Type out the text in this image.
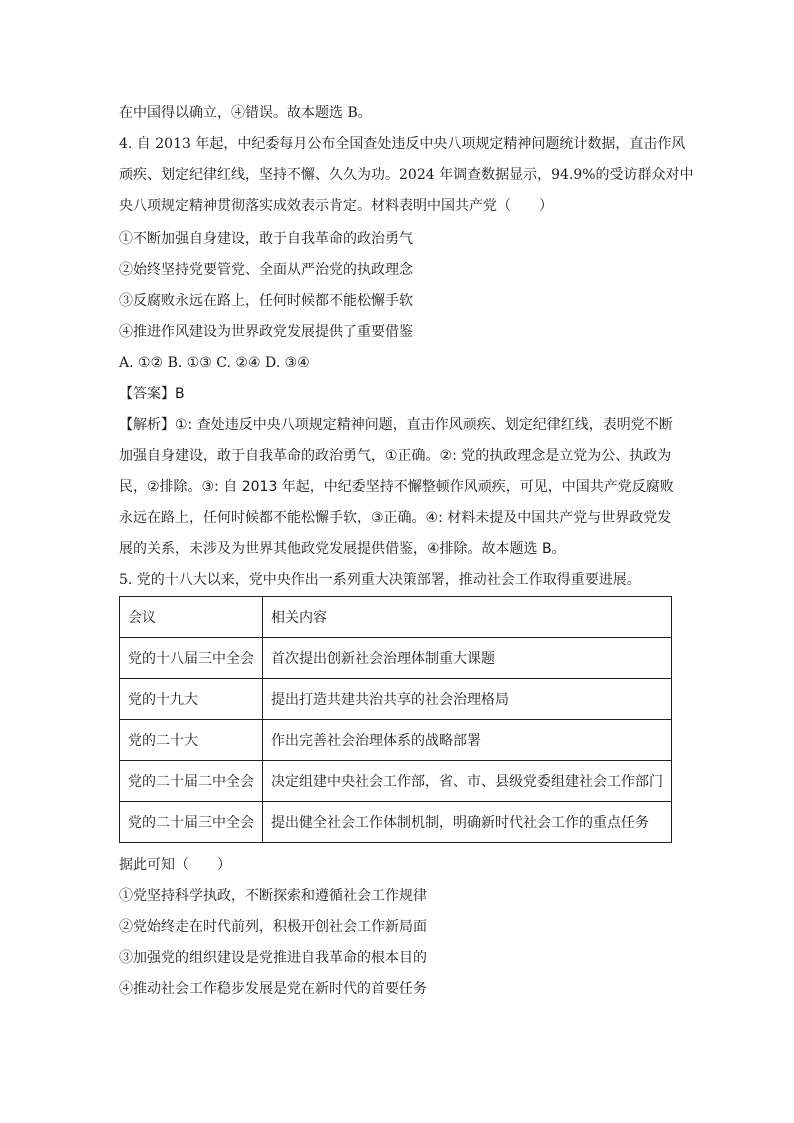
在中国得以确立，④错误。故本题选 B。
4. 自 2013 年起，中纪委每月公布全国查处违反中央八项规定精神问题统计数据，直击作风
顽疾、划定纪律红线，坚持不懈、久久为功。2024 年调查数据显示，94.9%的受访群众对中
央八项规定精神贯彻落实成效表示肯定。材料表明中国共产党（　　）
①不断加强自身建设，敢于自我革命的政治勇气
②始终坚持党要管党、全面从严治党的执政理念
③反腐败永远在路上，任何时候都不能松懈手软
④推进作风建设为世界政党发展提供了重要借鉴
A. ①② B. ①③ C. ②④ D. ③④
【答案】B
【解析】①: 查处违反中央八项规定精神问题，直击作风顽疾、划定纪律红线，表明党不断
加强自身建设，敢于自我革命的政治勇气，①正确。②: 党的执政理念是立党为公、执政为
民，②排除。③: 自 2013 年起，中纪委坚持不懈整顿作风顽疾，可见，中国共产党反腐败
永远在路上，任何时候都不能松懈手软，③正确。④: 材料未提及中国共产党与世界政党发
展的关系，未涉及为世界其他政党发展提供借鉴，④排除。故本题选 B。
5. 党的十八大以来，党中央作出一系列重大决策部署，推动社会工作取得重要进展。
会议	相关内容
党的十八届三中全会	首次提出创新社会治理体制重大课题
党的十九大	提出打造共建共治共享的社会治理格局
党的二十大	作出完善社会治理体系的战略部署
党的二十届二中全会	决定组建中央社会工作部，省、市、县级党委组建社会工作部门
党的二十届三中全会	提出健全社会工作体制机制，明确新时代社会工作的重点任务
据此可知（　　）
①党坚持科学执政，不断探索和遵循社会工作规律
②党始终走在时代前列，积极开创社会工作新局面
③加强党的组织建设是党推进自我革命的根本目的
④推动社会工作稳步发展是党在新时代的首要任务
